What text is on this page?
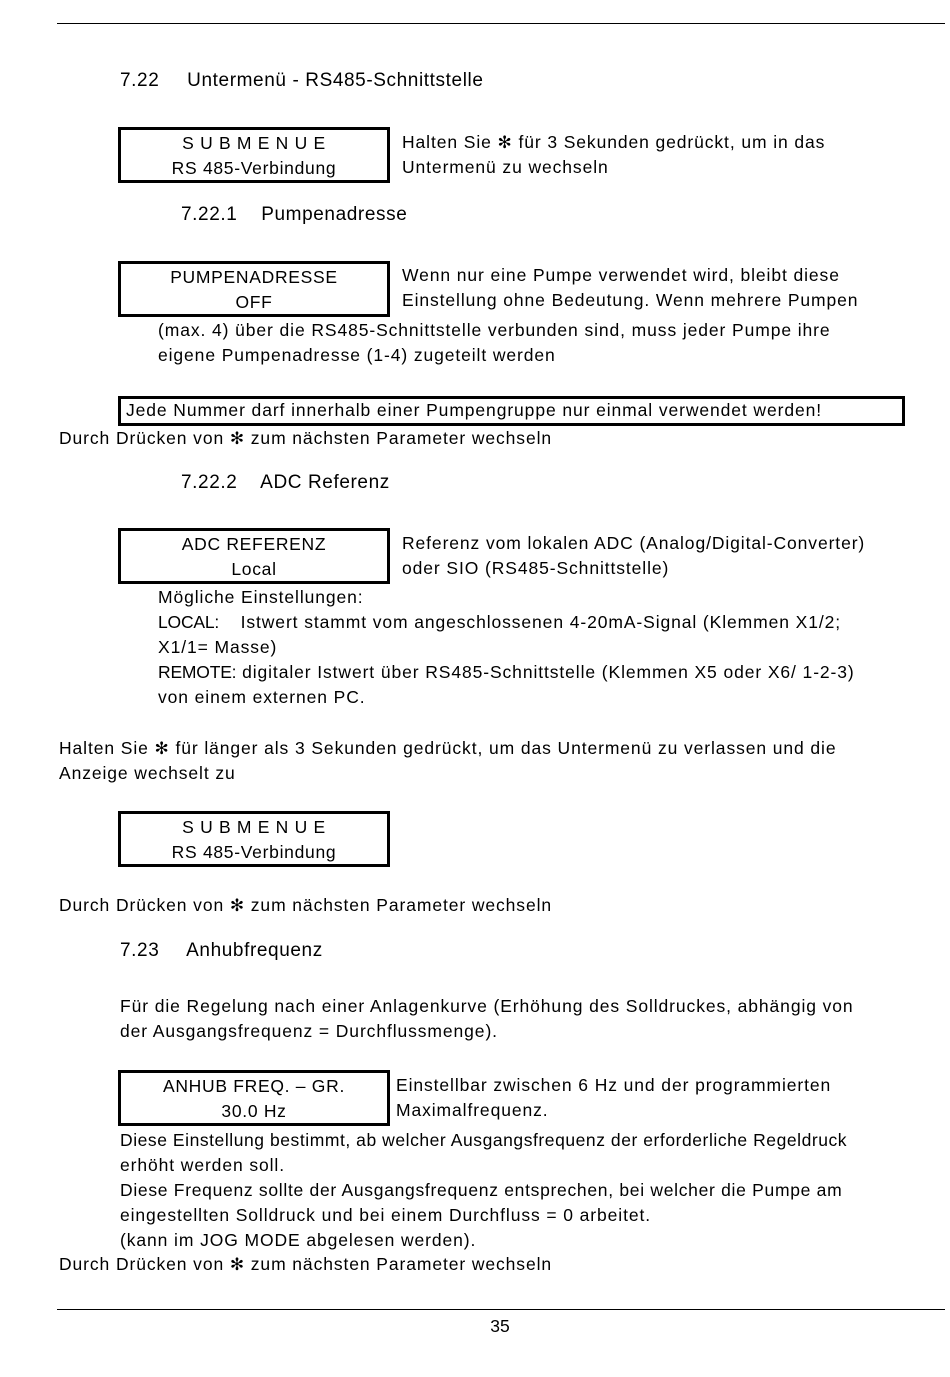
7.22 Untermenü - RS485-Schnittstelle
S U B M E N U E
RS 485-Verbindung
Halten Sie ✻ für 3 Sekunden gedrückt, um in das
Untermenü zu wechseln
7.22.1 Pumpenadresse
PUMPENADRESSE
OFF
Wenn nur eine Pumpe verwendet wird, bleibt diese
Einstellung ohne Bedeutung. Wenn mehrere Pumpen
(max. 4) über die RS485-Schnittstelle verbunden sind, muss jeder Pumpe ihre
eigene Pumpenadresse (1-4) zugeteilt werden
Jede Nummer darf innerhalb einer Pumpengruppe nur einmal verwendet werden!
Durch Drücken von ✻ zum nächsten Parameter wechseln
7.22.2 ADC Referenz
ADC REFERENZ
Local
Referenz vom lokalen ADC (Analog/Digital-Converter)
oder SIO (RS485-Schnittstelle)
Mögliche Einstellungen:
LOCAL: Istwert stammt vom angeschlossenen 4-20mA-Signal (Klemmen X1/2;
X1/1= Masse)
REMOTE: digitaler Istwert über RS485-Schnittstelle (Klemmen X5 oder X6/ 1-2-3)
von einem externen PC.
Halten Sie ✻ für länger als 3 Sekunden gedrückt, um das Untermenü zu verlassen und die
Anzeige wechselt zu
S U B M E N U E
RS 485-Verbindung
Durch Drücken von ✻ zum nächsten Parameter wechseln
7.23 Anhubfrequenz
Für die Regelung nach einer Anlagenkurve (Erhöhung des Solldruckes, abhängig von
der Ausgangsfrequenz = Durchflussmenge).
ANHUB FREQ. – GR.
30.0 Hz
Einstellbar zwischen 6 Hz und der programmierten
Maximalfrequenz.
Diese Einstellung bestimmt, ab welcher Ausgangsfrequenz der erforderliche Regeldruck
erhöht werden soll.
Diese Frequenz sollte der Ausgangsfrequenz entsprechen, bei welcher die Pumpe am
eingestellten Solldruck und bei einem Durchfluss = 0 arbeitet.
(kann im JOG MODE abgelesen werden).
Durch Drücken von ✻ zum nächsten Parameter wechseln
35
